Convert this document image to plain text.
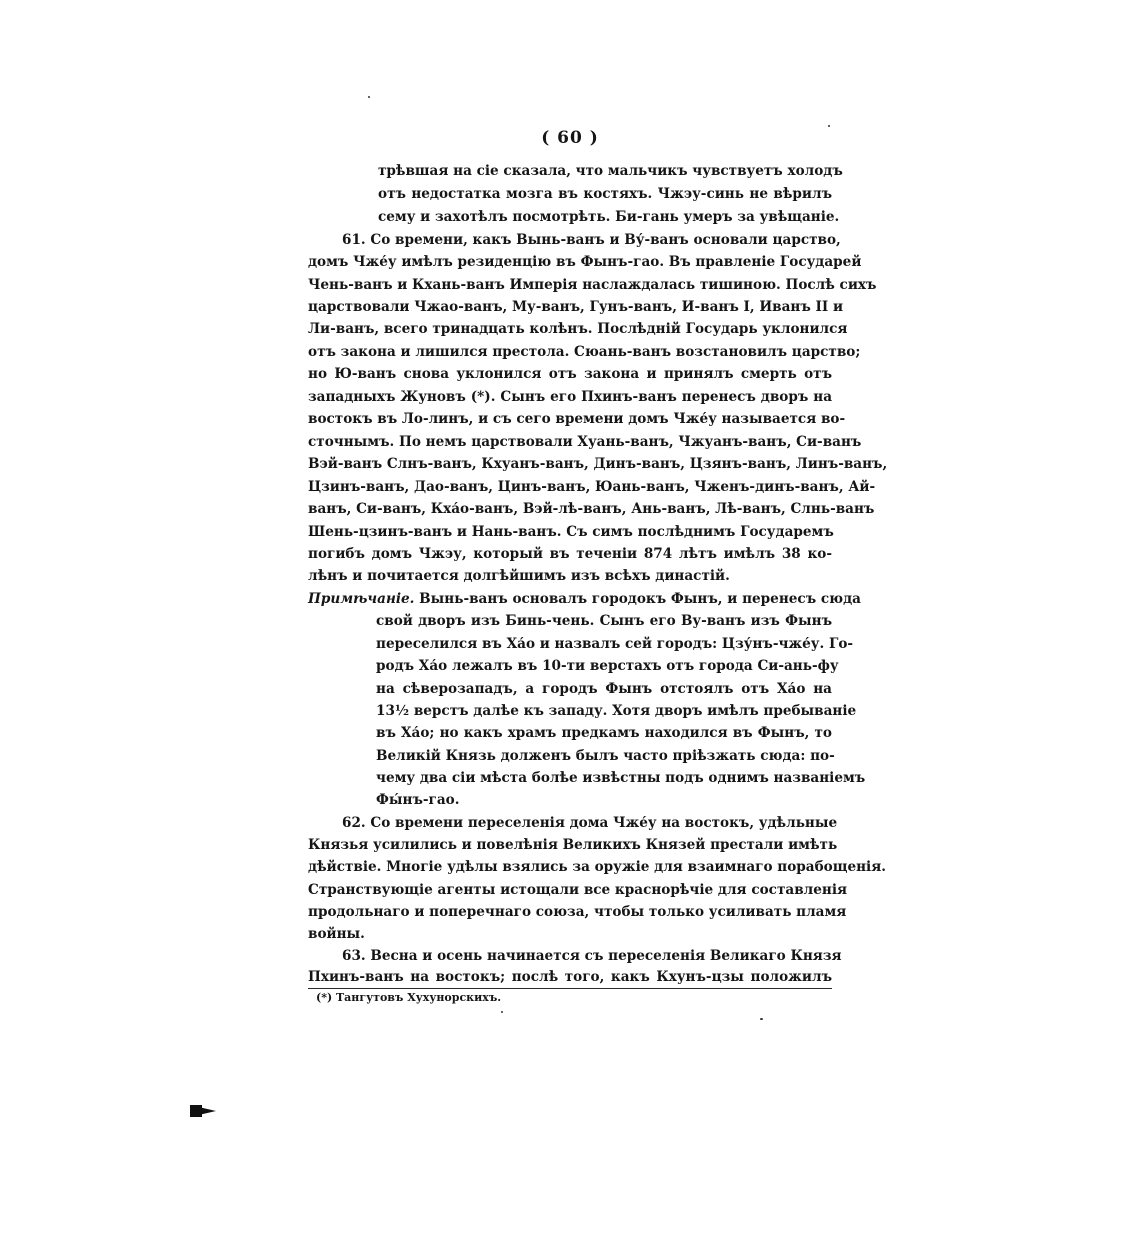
( 60 )
трѣвшая на сіе сказала, что мальчикъ чувствуетъ холодъ
отъ недостатка мозга въ костяхъ. Чжэу-синь не вѣрилъ
сему и захотѣлъ посмотрѣть. Би-гань умеръ за увѣщаніе.
61. Со времени, какъ Вынь-ванъ и Ву́-ванъ основали царство,
домъ Чже́у имѣлъ резиденцію въ Фынъ-гао. Въ правленіе Государей
Чень-ванъ и Кхань-ванъ Имперія наслаждалась тишиною. Послѣ сихъ
царствовали Чжао-ванъ, Му-ванъ, Гунъ-ванъ, И-ванъ I, Иванъ II и
Ли-ванъ, всего тринадцать колѣнъ. Послѣдній Государь уклонился
отъ закона и лишился престола. Сюань-ванъ возстановилъ царство;
но Ю-ванъ снова уклонился отъ закона и принялъ смерть отъ
западныхъ Жуновъ (*). Сынъ его Пхинъ-ванъ перенесъ дворъ на
востокъ въ Ло-линъ, и съ сего времени домъ Чже́у называется во-
сточнымъ. По немъ царствовали Хуань-ванъ, Чжуанъ-ванъ, Си-ванъ
Вэй-ванъ Слнъ-ванъ, Кхуанъ-ванъ, Динъ-ванъ, Цзянъ-ванъ, Линъ-ванъ,
Цзинъ-ванъ, Дао-ванъ, Цинъ-ванъ, Юань-ванъ, Чженъ-динъ-ванъ, Ай-
ванъ, Си-ванъ, Кха́о-ванъ, Вэй-лѣ-ванъ, Ань-ванъ, Лѣ-ванъ, Слнь-ванъ
Шень-цзинъ-ванъ и Нань-ванъ. Съ симъ послѣднимъ Государемъ
погибъ домъ Чжэу, который въ теченіи 874 лѣтъ имѣлъ 38 ко-
лѣнъ и почитается долгѣйшимъ изъ всѣхъ династій.
Примѣчаніе. Вынь-ванъ основалъ городокъ Фынъ, и перенесъ сюда
свой дворъ изъ Бинь-чень. Сынъ его Ву-ванъ изъ Фынъ
переселился въ Ха́о и назвалъ сей городъ: Цзу́нъ-чже́у. Го-
родъ Ха́о лежалъ въ 10-ти верстахъ отъ города Си-ань-фу
на сѣверозападъ, а городъ Фынъ отстоялъ отъ Ха́о на
13½ верстъ далѣе къ западу. Хотя дворъ имѣлъ пребываніе
въ Ха́о; но какъ храмъ предкамъ находился въ Фынъ, то
Великій Князь долженъ былъ часто пріѣзжать сюда: по-
чему два сіи мѣста болѣе извѣстны подъ однимъ названіемъ
Фы́нъ-гао.
62. Со времени переселенія дома Чже́у на востокъ, удѣльные
Князья усилились и повелѣнія Великихъ Князей престали имѣть
дѣйствіе. Многіе удѣлы взялись за оружіе для взаимнаго порабощенія.
Странствующіе агенты истощали все краснорѣчіе для составленія
продольнаго и поперечнаго союза, чтобы только усиливать пламя
войны.
63. Весна и осень начинается съ переселенія Великаго Князя
Пхинъ-ванъ на востокъ; послѣ того, какъ Кхунъ-цзы положилъ
(*) Тангутовъ Хухунорскихъ.
